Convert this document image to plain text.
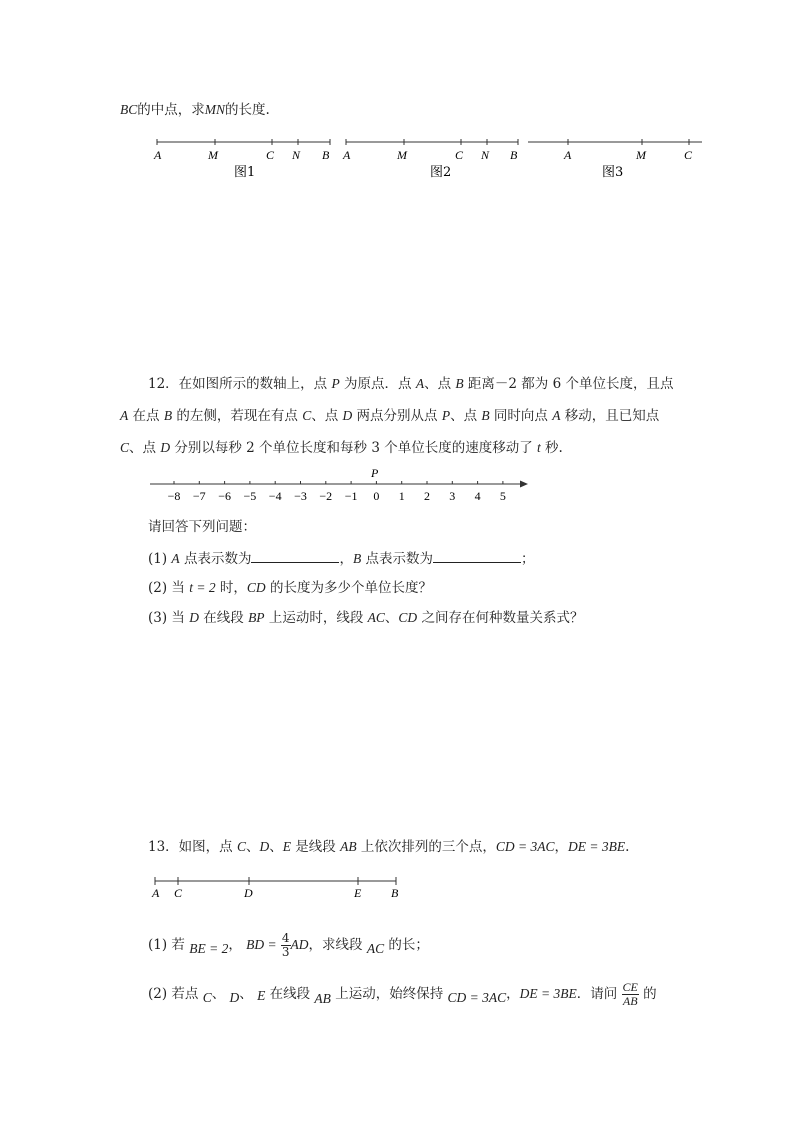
BC的中点，求MN的长度.
A	M	C N B
图1
A	M	C N B
图2
A	M	C
图3
12．在如图所示的数轴上，点 P 为原点．点 A、点 B 距离－2 都为 6 个单位长度，且点
A 在点 B 的左侧，若现在有点 C、点 D 两点分别从点 P、点 B 同时向点 A 移动，且已知点
C、点 D 分别以每秒 2 个单位长度和每秒 3 个单位长度的速度移动了 t 秒.
P
−8 −7 −6 −5 −4 −3 −2 −1 0 1 2 3 4 5
请回答下列问题：
(1) A 点表示数为	，B 点表示数为	；
(2) 当 t = 2 时，CD 的长度为多少个单位长度？
(3) 当 D 在线段 BP 上运动时，线段 AC、CD 之间存在何种数量关系式？
13．如图，点 C、D、E 是线段 AB 上依次排列的三个点，CD = 3AC，DE = 3BE.
A C	D	E B
(1) 若 BE = 2， BD = $\frac{4}{3}$ AD，求线段 AC 的长；
(2) 若点 C、 D、 E 在线段 AB 上运动，始终保持 CD = 3AC，DE = 3BE．请问 $\frac{CE}{AB}$ 的
